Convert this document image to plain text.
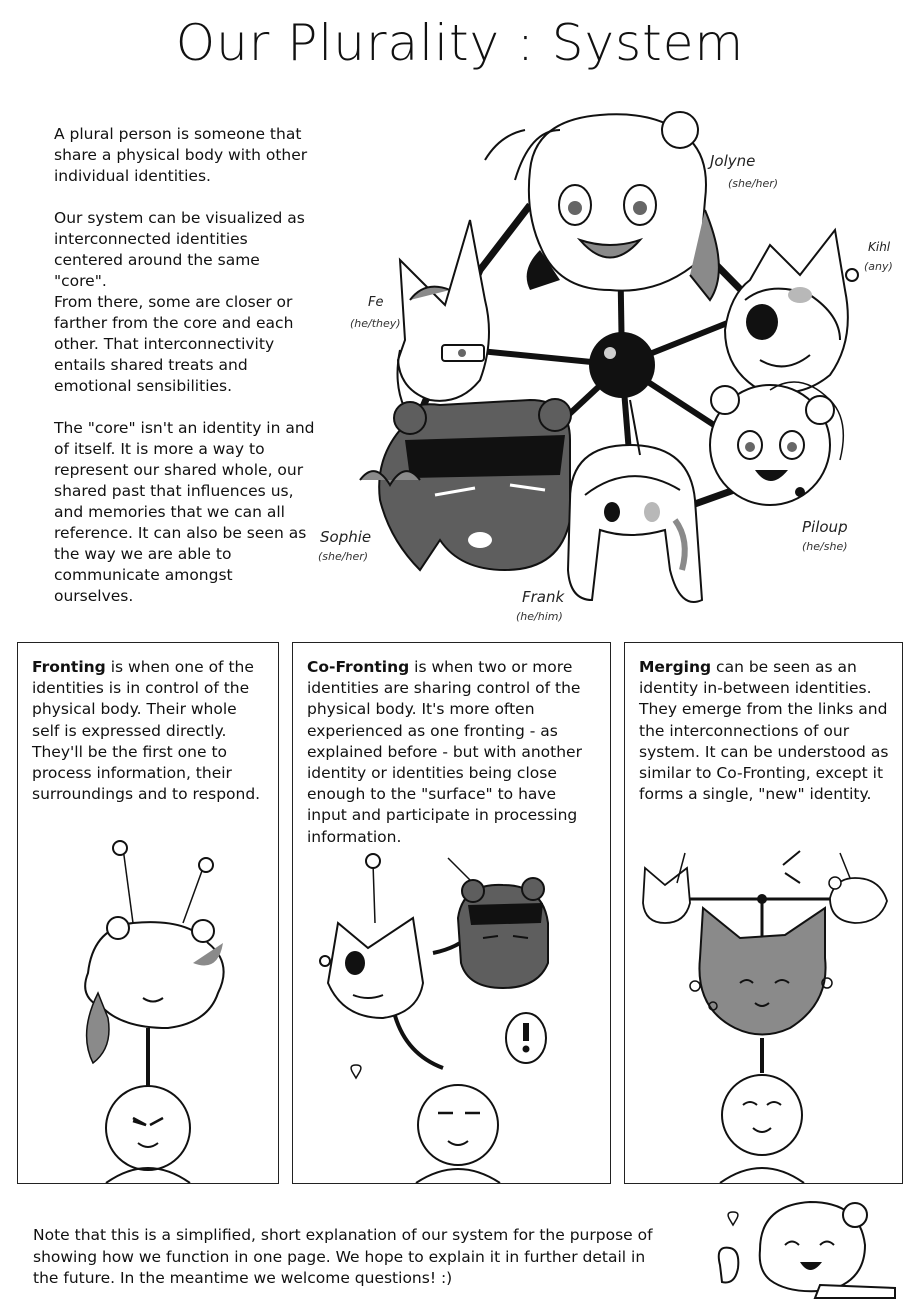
Our Plurality : System

A plural person is someone that share a physical body with other individual identities.

Our system can be visualized as interconnected identities centered around the same "core".
From there, some are closer or farther from the core and each other. That interconnectivity entails shared treats and emotional sensibilities.

The "core" isn't an identity in and of itself. It is more a way to represent our shared whole, our shared past that influences us, and memories that we can all reference. It can also be seen as the way we are able to communicate amongst ourselves.

Jolyne
(she/her)
Kihl
(any)
Fe
(he/they)
Piloup
(he/she)
Sophie
(she/her)
Frank
(he/him)
Fronting is when one of the identities is in control of the physical body. Their whole self is expressed directly. They'll be the first one to process information, their surroundings and to respond.
Co-Fronting is when two or more identities are sharing control of the physical body. It's more often experienced as one fronting - as explained before - but with another identity or identities being close enough to the "surface" to have input and participate in processing information.
Merging can be seen as an identity in-between identities. They emerge from the links and the interconnections of our system. It can be understood as similar to Co-Fronting, except it forms a single, "new" identity.
Note that this is a simplified, short explanation of our system for the purpose of showing how we function in one page. We hope to explain it in further detail in the future. In the meantime we welcome questions! :)
